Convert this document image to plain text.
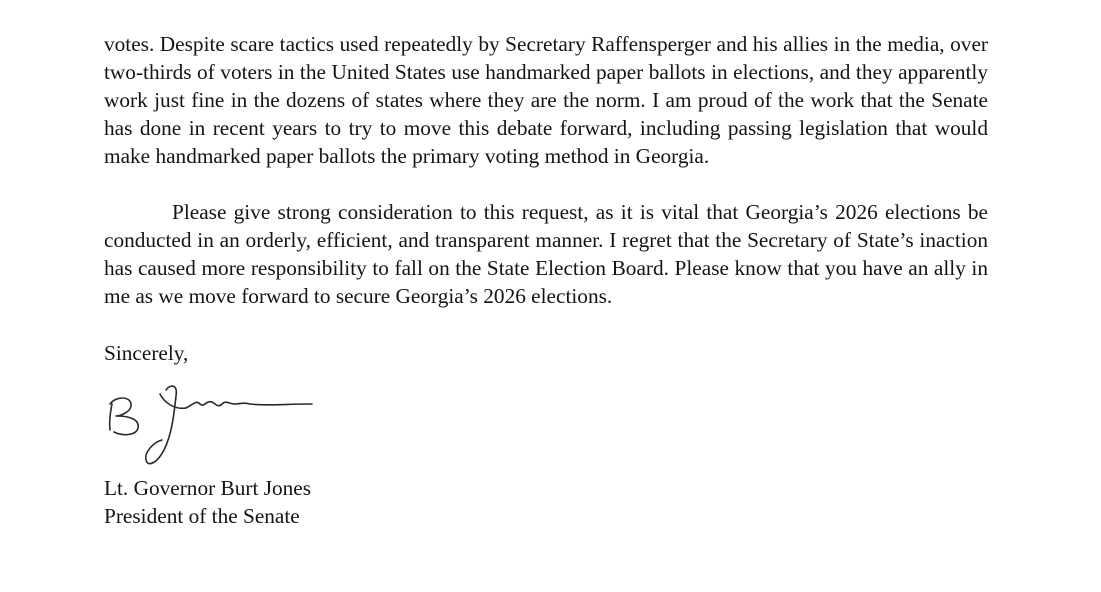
votes. Despite scare tactics used repeatedly by Secretary Raffensperger and his allies in the media, over two-thirds of voters in the United States use handmarked paper ballots in elections, and they apparently work just fine in the dozens of states where they are the norm. I am proud of the work that the Senate has done in recent years to try to move this debate forward, including passing legislation that would make handmarked paper ballots the primary voting method in Georgia.

Please give strong consideration to this request, as it is vital that Georgia’s 2026 elections be conducted in an orderly, efficient, and transparent manner. I regret that the Secretary of State’s inaction has caused more responsibility to fall on the State Election Board. Please know that you have an ally in me as we move forward to secure Georgia’s 2026 elections.

Sincerely,
Lt. Governor Burt Jones
President of the Senate
